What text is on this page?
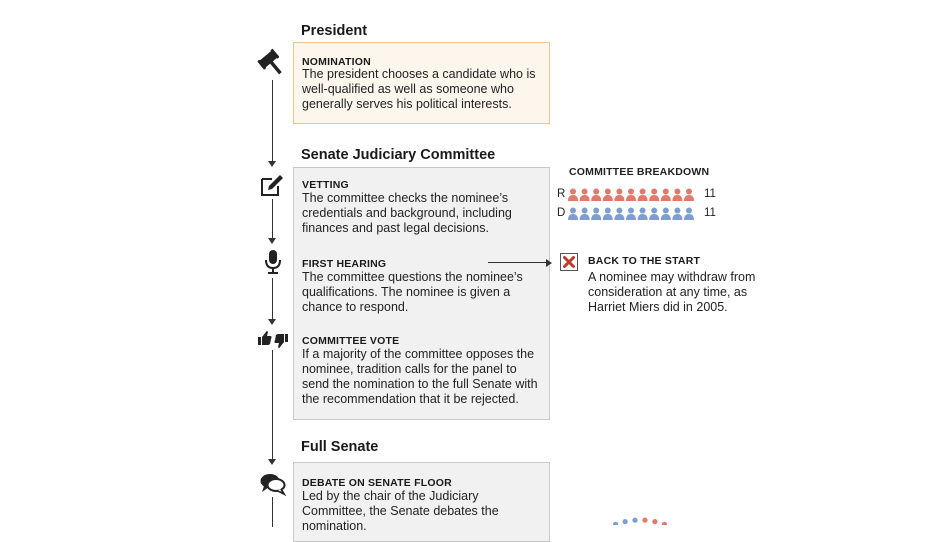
President
Senate Judiciary Committee
Full Senate
NOMINATION
The president chooses a candidate who is
well-qualified as well as someone who
generally serves his political interests.
VETTING
The committee checks the nominee’s
credentials and background, including
finances and past legal decisions.
FIRST HEARING
The committee questions the nominee’s
qualifications. The nominee is given a
chance to respond.
COMMITTEE VOTE
If a majority of the committee opposes the
nominee, tradition calls for the panel to
send the nomination to the full Senate with
the recommendation that it be rejected.
DEBATE ON SENATE FLOOR
Led by the chair of the Judiciary
Committee, the Senate debates the
nomination.
BACK TO THE START
A nominee may withdraw from
consideration at any time, as
Harriet Miers did in 2005.
COMMITTEE BREAKDOWN
R	11
D	11
